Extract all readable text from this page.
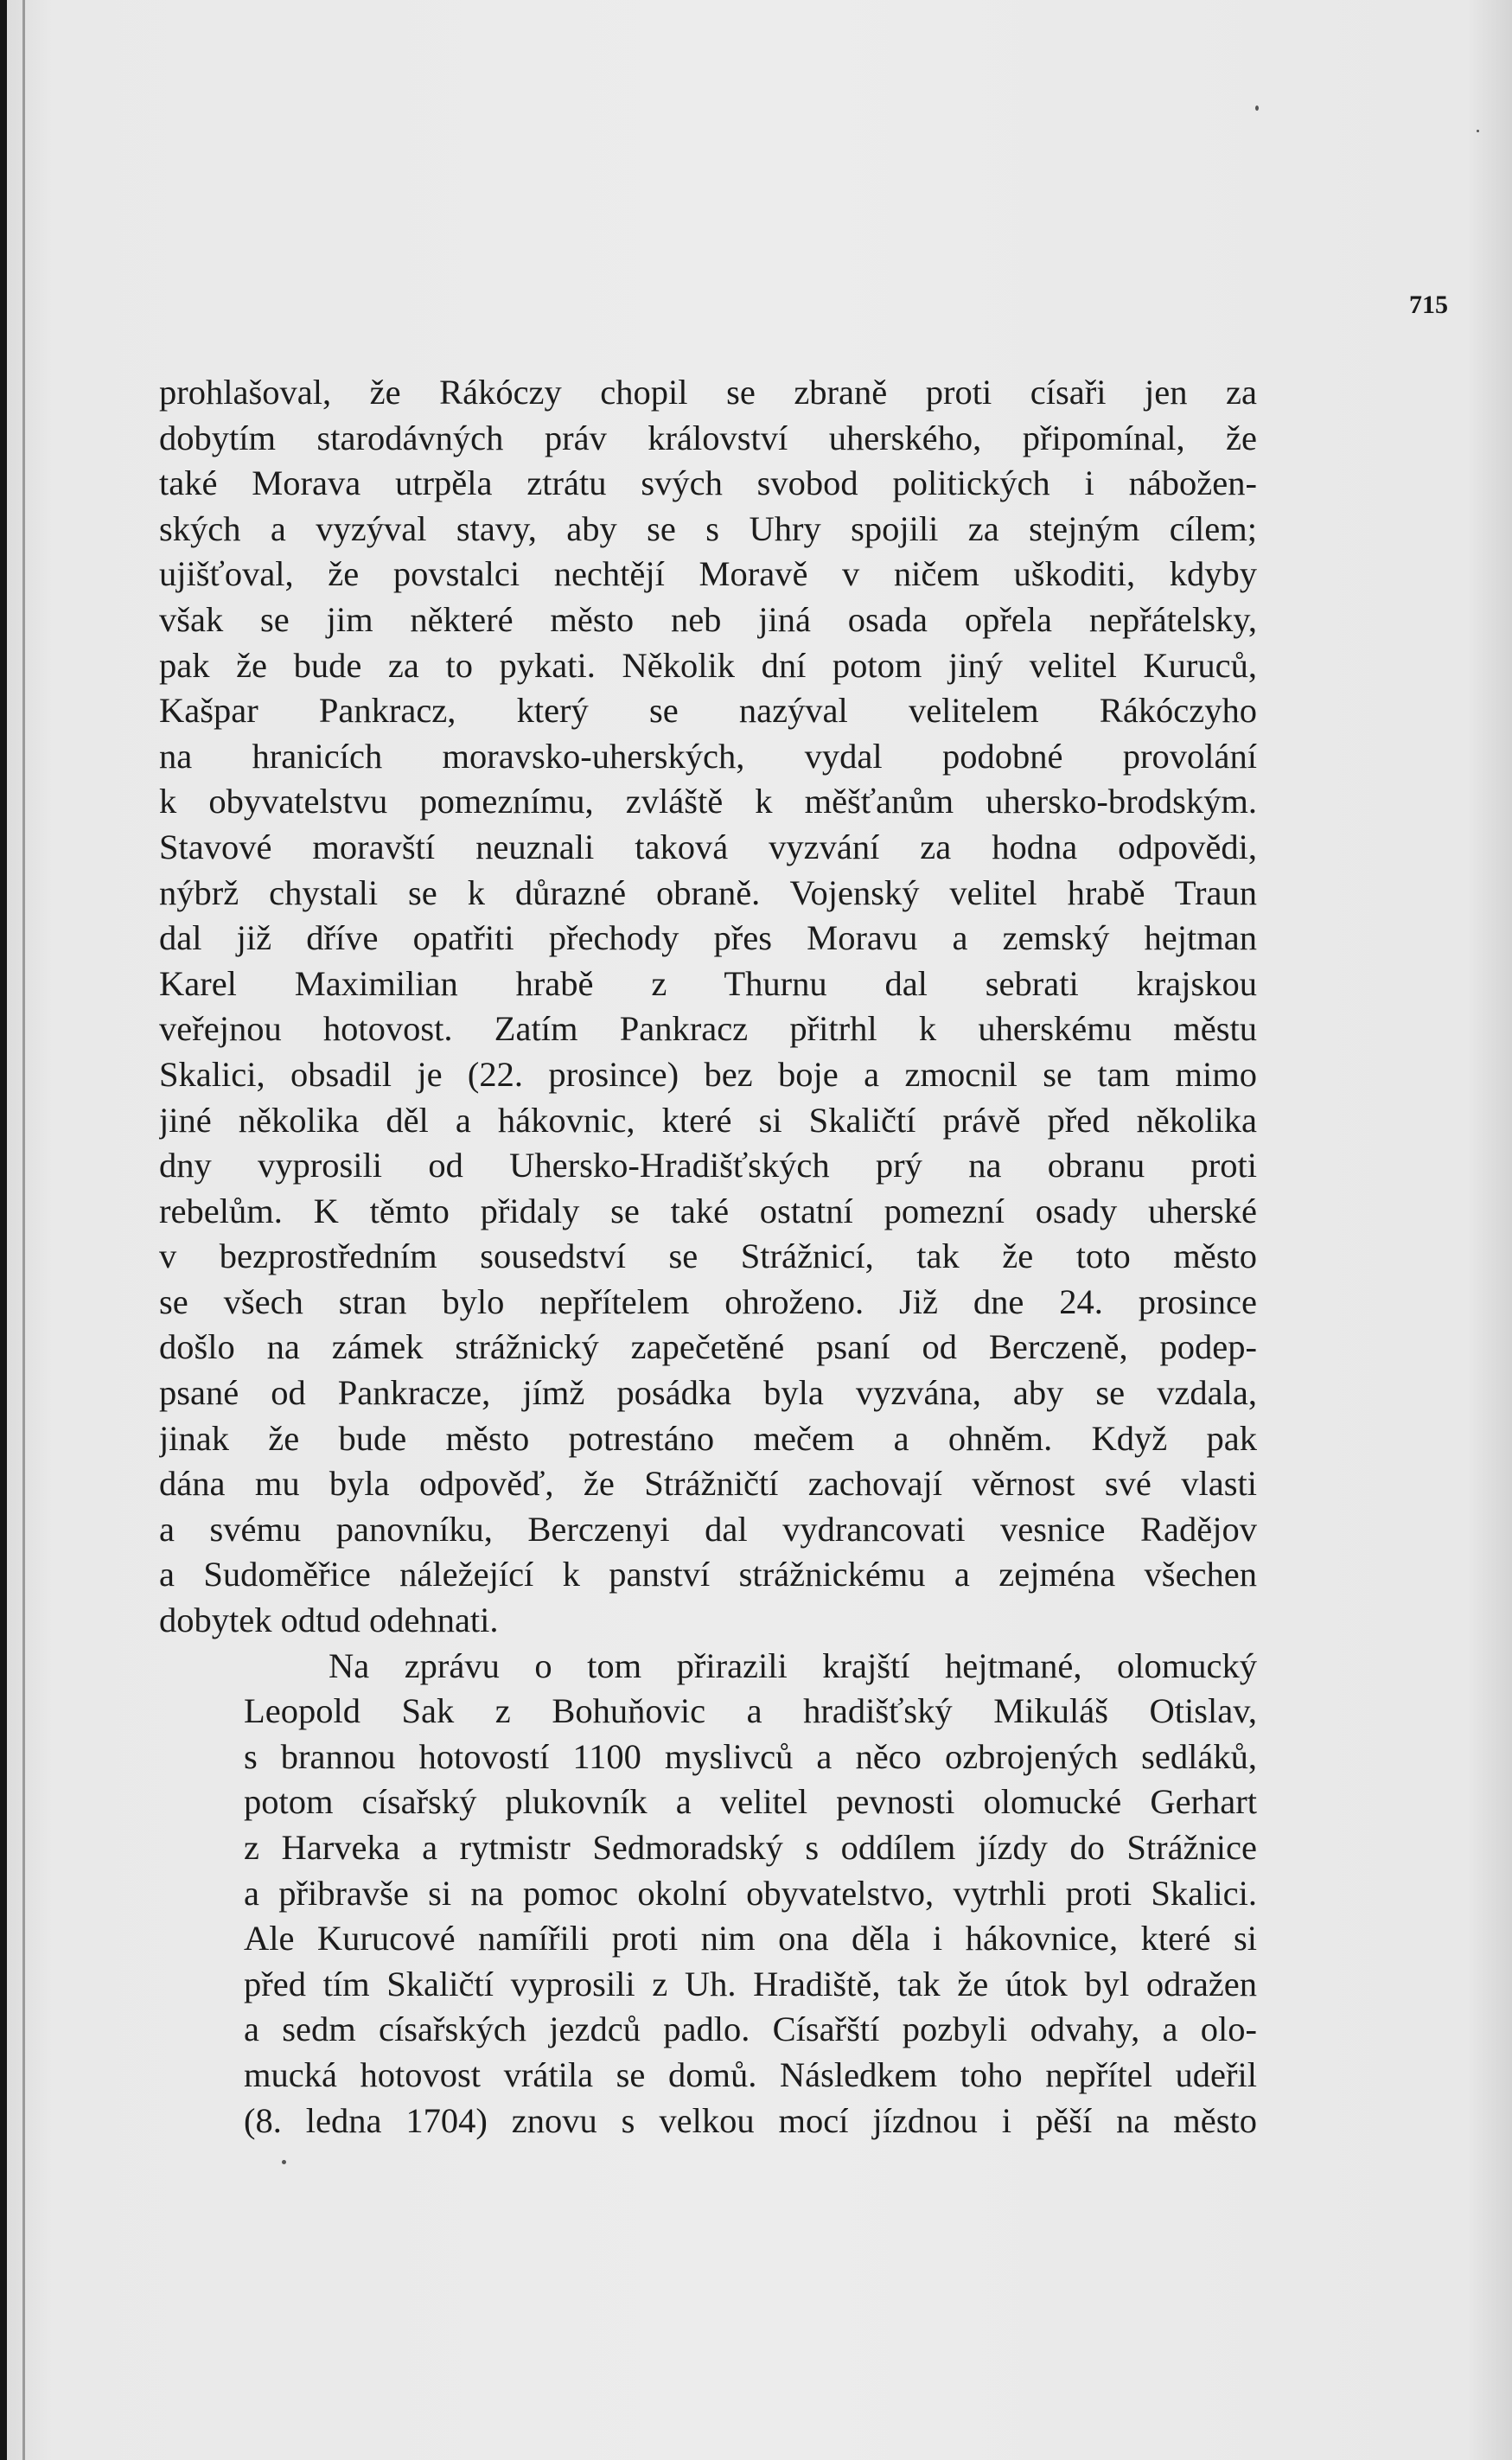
715

prohlašoval, že Rákóczy chopil se zbraně proti císaři jen za
dobytím starodávných práv království uherského, připomínal, že
také Morava utrpěla ztrátu svých svobod politických i nábožen-
ských a vyzýval stavy, aby se s Uhry spojili za stejným cílem;
ujišťoval, že povstalci nechtějí Moravě v ničem uškoditi, kdyby
však se jim některé město neb jiná osada opřela nepřátelsky,
pak že bude za to pykati. Několik dní potom jiný velitel Kuruců,
Kašpar Pankracz, který se nazýval velitelem Rákóczyho
na hranicích moravsko-uherských, vydal podobné provolání
k obyvatelstvu pomeznímu, zvláště k měšťanům uhersko-brodským.
Stavové moravští neuznali taková vyzvání za hodna odpovědi,
nýbrž chystali se k důrazné obraně. Vojenský velitel hrabě Traun
dal již dříve opatřiti přechody přes Moravu a zemský hejtman
Karel Maximilian hrabě z Thurnu dal sebrati krajskou
veřejnou hotovost. Zatím Pankracz přitrhl k uherskému městu
Skalici, obsadil je (22. prosince) bez boje a zmocnil se tam mimo
jiné několika děl a hákovnic, které si Skaličtí právě před několika
dny vyprosili od Uhersko-Hradišťských prý na obranu proti
rebelům. K těmto přidaly se také ostatní pomezní osady uherské
v bezprostředním sousedství se Strážnicí, tak že toto město
se všech stran bylo nepřítelem ohroženo. Již dne 24. prosince
došlo na zámek strážnický zapečetěné psaní od Berczeně, podep-
psané od Pankracze, jímž posádka byla vyzvána, aby se vzdala,
jinak že bude město potrestáno mečem a ohněm. Když pak
dána mu byla odpověď, že Strážničtí zachovají věrnost své vlasti
a svému panovníku, Berczenyi dal vydrancovati vesnice Radějov
a Sudoměřice náležející k panství strážnickému a zejména všechen
dobytek odtud odehnati.

Na zprávu o tom přirazili krajští hejtmané, olomucký
Leopold Sak z Bohuňovic a hradišťský Mikuláš Otislav,
s brannou hotovostí 1100 myslivců a něco ozbrojených sedláků,
potom císařský plukovník a velitel pevnosti olomucké Gerhart
z Harveka a rytmistr Sedmoradský s oddílem jízdy do Strážnice
a přibravše si na pomoc okolní obyvatelstvo, vytrhli proti Skalici.
Ale Kurucové namířili proti nim ona děla i hákovnice, které si
před tím Skaličtí vyprosili z Uh. Hradiště, tak že útok byl odražen
a sedm císařských jezdců padlo. Císařští pozbyli odvahy, a olo-
mucká hotovost vrátila se domů. Následkem toho nepřítel udeřil
(8. ledna 1704) znovu s velkou mocí jízdnou i pěší na město
